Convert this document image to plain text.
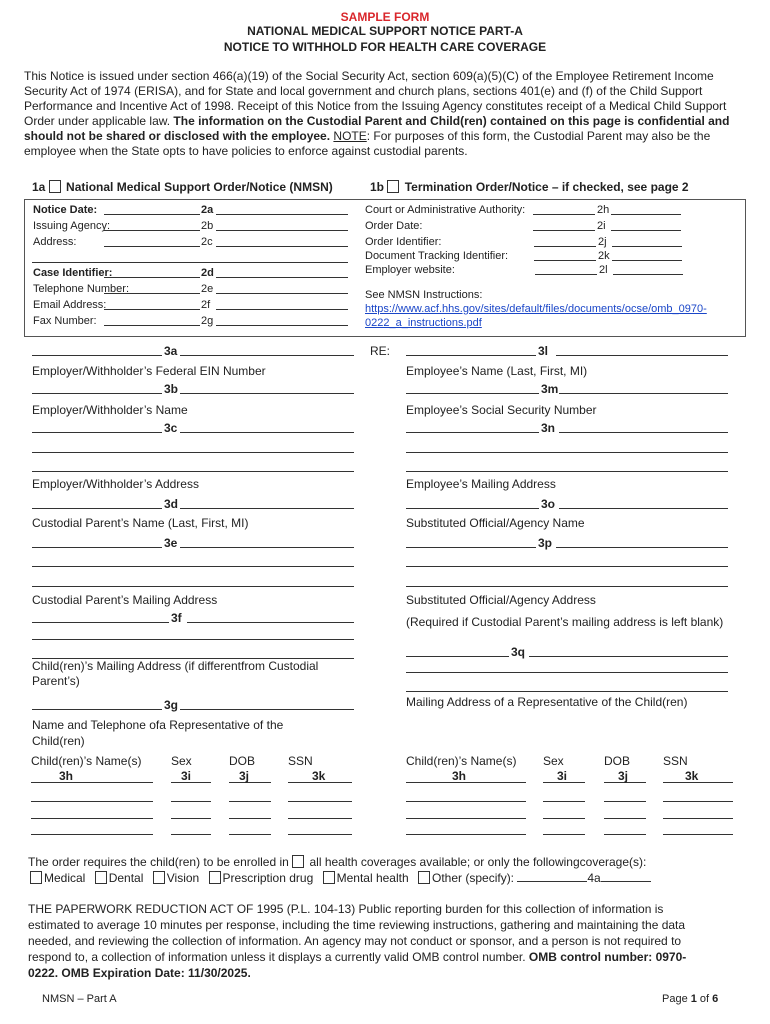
SAMPLE FORM
NATIONAL MEDICAL SUPPORT NOTICE PART-A
NOTICE TO WITHHOLD FOR HEALTH CARE COVERAGE
This Notice is issued under section 466(a)(19) of the Social Security Act, section 609(a)(5)(C) of the Employee Retirement Income Security Act of 1974 (ERISA), and for State and local government and church plans, sections 401(e) and (f) of the Child Support Performance and Incentive Act of 1998. Receipt of this Notice from the Issuing Agency constitutes receipt of a Medical Child Support Order under applicable law. The information on the Custodial Parent and Child(ren) contained on this page is confidential and should not be shared or disclosed with the employee. NOTE: For purposes of this form, the Custodial Parent may also be the employee when the State opts to have policies to enforce against custodial parents.
1a National Medical Support Order/Notice (NMSN)	1b Termination Order/Notice – if checked, see page 2
Notice Date:	2a
Issuing Agency:	2b
Address:	2c
Case Identifier:	2d
Telephone Number:	2e
Email Address:	2f
Fax Number:	2g
Court or Administrative Authority:	2h
Order Date:	2i
Order Identifier:	2j
Document Tracking Identifier:	2k
Employer website:	2l
See NMSN Instructions:
https://www.acf.hhs.gov/sites/default/files/documents/ocse/omb_0970-
0222_a_instructions.pdf
3a
Employer/Withholder’s Federal EIN Number
3b
Employer/Withholder’s Name
3c
Employer/Withholder’s Address
3d
Custodial Parent’s Name (Last, First, MI)
3e
Custodial Parent’s Mailing Address
3f
Child(ren)’s Mailing Address (if differentfrom Custodial
Parent’s)
3g
Name and Telephone ofa Representative of the
Child(ren)
3l
Employee’s Name (Last, First, MI)
3m
Employee’s Social Security Number
3n
Employee’s Mailing Address
3o
Substituted Official/Agency Name
3p
Substituted Official/Agency Address
(Required if Custodial Parent’s mailing address is left blank)
3q
Mailing Address of a Representative of the Child(ren)
RE:
Child(ren)’s Name(s) Sex	DOB	SSN
3h	3i	3j	3k
Child(ren)’s Name(s) Sex	DOB	SSN
3h	3i	3j	3k
The order requires the child(ren) to be enrolled in  all health coverages available; or only the followingcoverage(s):
Medical Dental Vision Prescription drug Mental health Other (specify):	4a
THE PAPERWORK REDUCTION ACT OF 1995 (P.L. 104-13) Public reporting burden for this collection of information is estimated to average 10 minutes per response, including the time reviewing instructions, gathering and maintaining the data needed, and reviewing the collection of information. An agency may not conduct or sponsor, and a person is not required to respond to, a collection of information unless it displays a currently valid OMB control number. OMB control number: 0970-0222. OMB Expiration Date: 11/30/2025.
NMSN – Part A	Page 1 of 6
